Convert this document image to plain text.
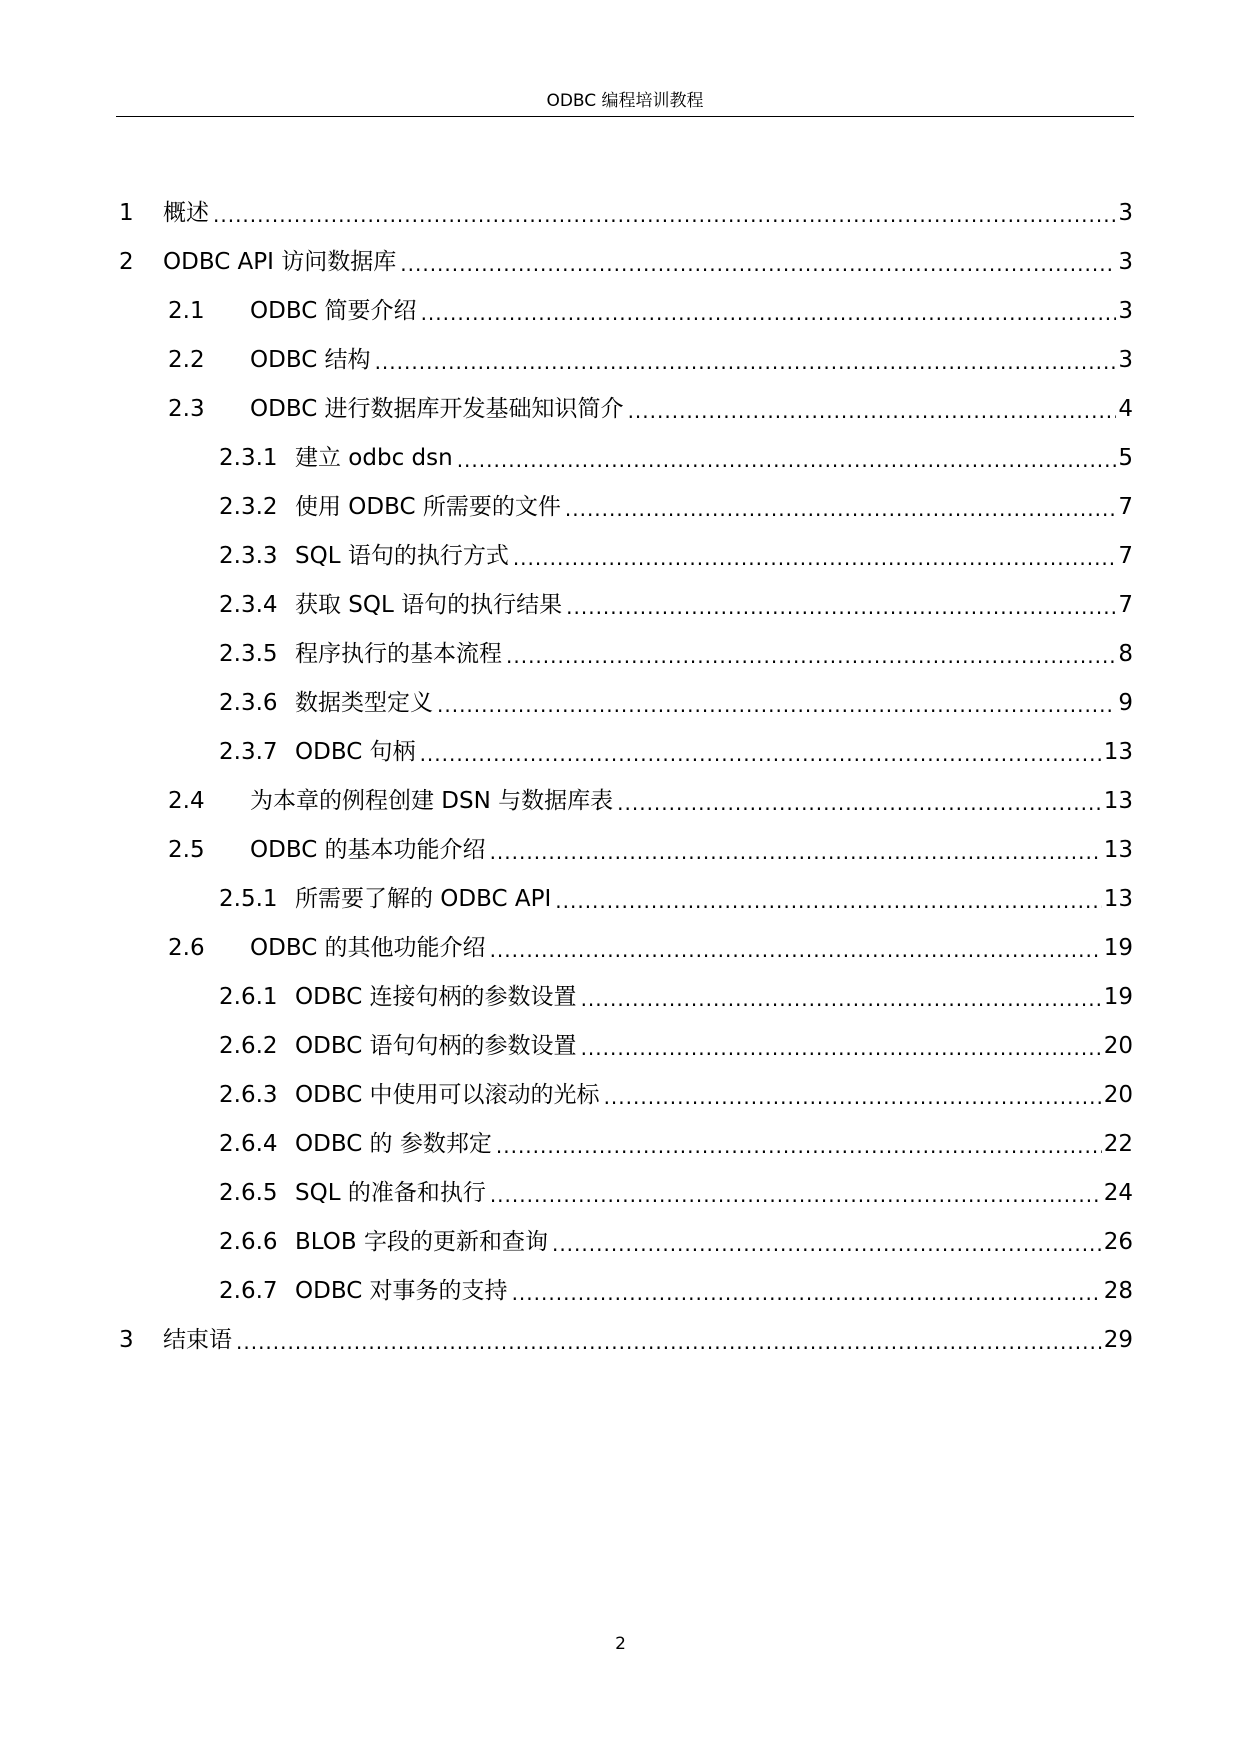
ODBC 编程培训教程
1	概述 .....	3
2	ODBC API 访问数据库 .....	3
2.1	ODBC 简要介绍 .....	3
2.2	ODBC 结构 .....	3
2.3	ODBC 进行数据库开发基础知识简介 .....	4
2.3.1 建立 odbc dsn .....	5
2.3.2 使用 ODBC 所需要的文件 .....	7
2.3.3 SQL 语句的执行方式 .....	7
2.3.4 获取 SQL 语句的执行结果 .....	7
2.3.5 程序执行的基本流程 .....	8
2.3.6 数据类型定义 .....	9
2.3.7 ODBC 句柄 .....	13
2.4	为本章的例程创建 DSN 与数据库表 .....	13
2.5	ODBC 的基本功能介绍 .....	13
2.5.1 所需要了解的 ODBC API .....	13
2.6	ODBC 的其他功能介绍 .....	19
2.6.1 ODBC 连接句柄的参数设置 .....	19
2.6.2 ODBC 语句句柄的参数设置 .....	20
2.6.3 ODBC 中使用可以滚动的光标 .....	20
2.6.4 ODBC 的 参数邦定 .....	22
2.6.5 SQL 的准备和执行 .....	24
2.6.6 BLOB 字段的更新和查询 .....	26
2.6.7 ODBC 对事务的支持 .....	28
3	结束语 .....	29
2
